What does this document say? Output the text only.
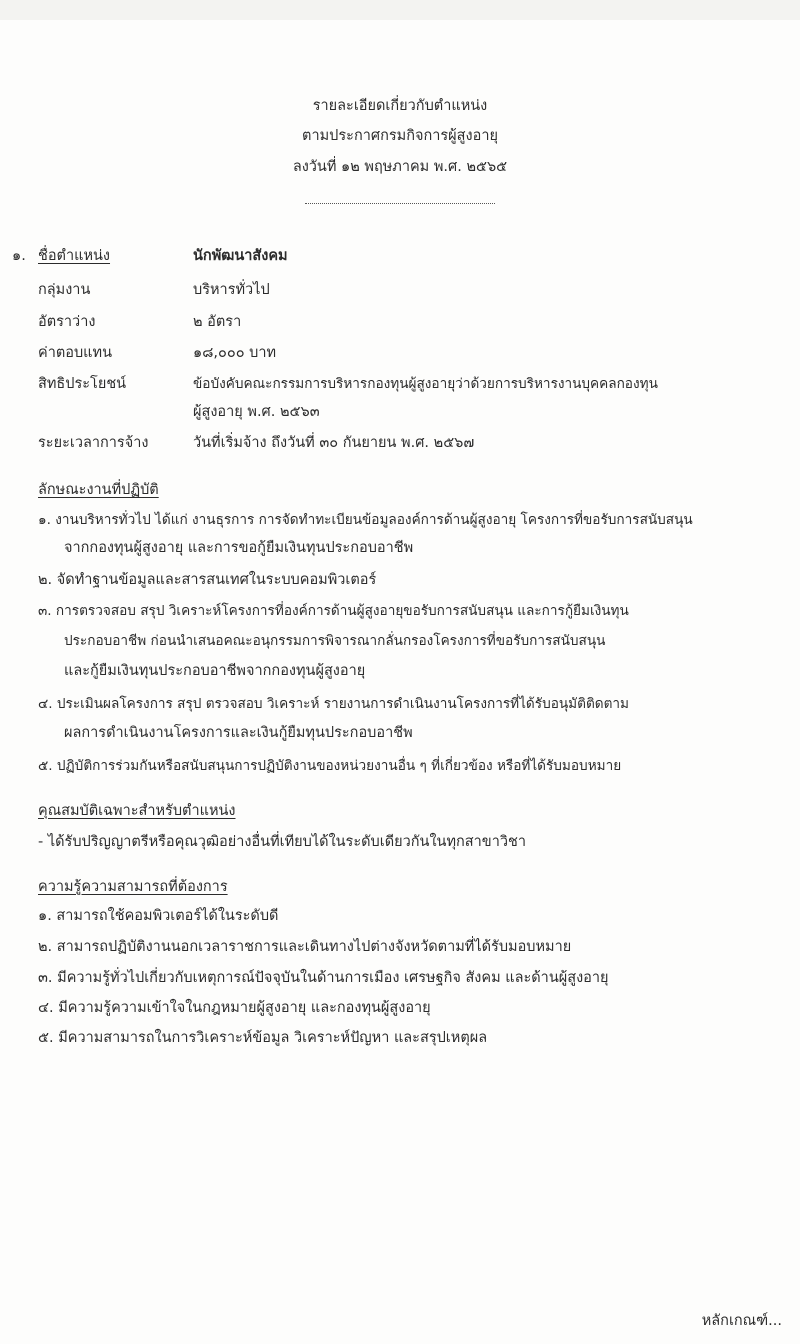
รายละเอียดเกี่ยวกับตำแหน่ง
ตามประกาศกรมกิจการผู้สูงอายุ
ลงวันที่ ๑๒ พฤษภาคม พ.ศ. ๒๕๖๕
๑. ชื่อตำแหน่ง	นักพัฒนาสังคม
กลุ่มงาน	บริหารทั่วไป
อัตราว่าง	๒ อัตรา
ค่าตอบแทน	๑๘,๐๐๐ บาท
สิทธิประโยชน์	ข้อบังคับคณะกรรมการบริหารกองทุนผู้สูงอายุว่าด้วยการบริหารงานบุคคลกองทุน
ผู้สูงอายุ พ.ศ. ๒๕๖๓
ระยะเวลาการจ้าง	วันที่เริ่มจ้าง ถึงวันที่ ๓๐ กันยายน พ.ศ. ๒๕๖๗
ลักษณะงานที่ปฏิบัติ
๑. งานบริหารทั่วไป ได้แก่ งานธุรการ การจัดทำทะเบียนข้อมูลองค์การด้านผู้สูงอายุ โครงการที่ขอรับการสนับสนุน
จากกองทุนผู้สูงอายุ และการขอกู้ยืมเงินทุนประกอบอาชีพ
๒. จัดทำฐานข้อมูลและสารสนเทศในระบบคอมพิวเตอร์
๓. การตรวจสอบ สรุป วิเคราะห์โครงการที่องค์การด้านผู้สูงอายุขอรับการสนับสนุน และการกู้ยืมเงินทุน
ประกอบอาชีพ ก่อนนำเสนอคณะอนุกรรมการพิจารณากลั่นกรองโครงการที่ขอรับการสนับสนุน
และกู้ยืมเงินทุนประกอบอาชีพจากกองทุนผู้สูงอายุ
๔. ประเมินผลโครงการ สรุป ตรวจสอบ วิเคราะห์ รายงานการดำเนินงานโครงการที่ได้รับอนุมัติติดตาม
ผลการดำเนินงานโครงการและเงินกู้ยืมทุนประกอบอาชีพ
๕. ปฏิบัติการร่วมกันหรือสนับสนุนการปฏิบัติงานของหน่วยงานอื่น ๆ ที่เกี่ยวข้อง หรือที่ได้รับมอบหมาย
คุณสมบัติเฉพาะสำหรับตำแหน่ง
- ได้รับปริญญาตรีหรือคุณวุฒิอย่างอื่นที่เทียบได้ในระดับเดียวกันในทุกสาขาวิชา
ความรู้ความสามารถที่ต้องการ
๑. สามารถใช้คอมพิวเตอร์ได้ในระดับดี
๒. สามารถปฏิบัติงานนอกเวลาราชการและเดินทางไปต่างจังหวัดตามที่ได้รับมอบหมาย
๓. มีความรู้ทั่วไปเกี่ยวกับเหตุการณ์ปัจจุบันในด้านการเมือง เศรษฐกิจ สังคม และด้านผู้สูงอายุ
๔. มีความรู้ความเข้าใจในกฎหมายผู้สูงอายุ และกองทุนผู้สูงอายุ
๕. มีความสามารถในการวิเคราะห์ข้อมูล วิเคราะห์ปัญหา และสรุปเหตุผล
หลักเกณฑ์...
